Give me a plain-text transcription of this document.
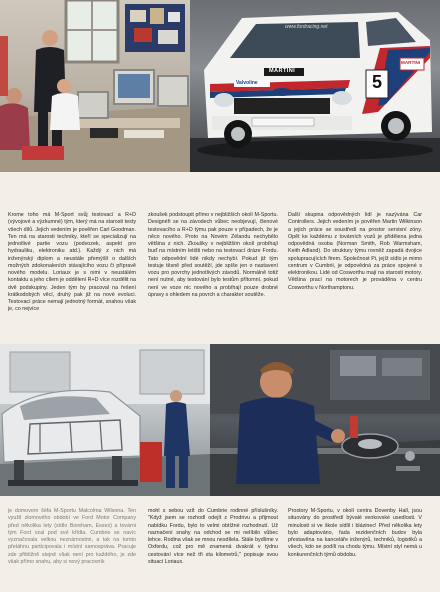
www.fordracing.net
MARTINI
Valvoline	5
MARTINI

Krome toho má M-Sport svůj testovací a R+D (vývojové a výzkumné) tým, který má na starosti testy všech dílů. Jejich vedením je pověřen Carl Goodman. Ten má na starosti techniky, kteří se specializují na jednotlivé partie vozu (podvozek, aspekt pro hydrauliku, elektroniku atd.). Každý z nich má inženýrský diplom a neustále přemýšlí o dalších možných zdokonaleních stávajícího vozu či přípravě nového modelu. Loriaux je s nimi v neustálém kontaktu a jeho cílem je oddělení R+D více rozdělit na dvě podskupiny. Jeden tým by pracoval na řešení krátkodobých věcí, druhý pak již na nové evoluci. Testovací práce nemají jednotný formát, snahou však je, co nejvíce

zkoušek podstoupit přímo v nejbližších okolí M-Sportu. Designéři se na závodech vůbec neobjevují, členové testovacího a R+D týmu pak pouze v případech, že je něco nového. Proto na Novém Zélandu nechybělo většina z nich. Zkoušky v nejbližším okolí probíhají buď na místním letišti nebo na testovací dráze Fordu. Tato odpovědní lidé nikdy nechybí. Pokud již tým testuje těsně před soutěží, jde spíše jen o nastavení vozu pro povrchy jednotlivých závodů. Normálně totiž není nutné, aby testování bylo testům přítomní, pokud není ve voze nic nového a probíhají pouze drobné úpravy s ohledem na povrch a charakter soutěže.

Další skupina odpovědných lidí je nazývána Car Controllers. Jejich vedením je pověřen Martin Wilkinson a jejich práce se soustředí na prostor servisní zóny. Opět ke každému z továrních vozů je přidělena jedna odpovědná osoba (Norman Smith, Rob Warmsham, Keith Adland). Do struktury týmu rovněž zapadá dvojice spolupracujících firem. Společnost Pi, jejíž sídlo je mimo centrum v Cumbrii, je odpovědná za práce spojené s elektronikou. Lidé od Cosworthu mají na starosti motory. Většina prací na motorech je prováděna v centru Cosworthu v Northamptonu.

je domovem šéfa M-Sportu Malcolma Wilsona. Ten využil zlomového období ve Ford Motor Company před několika lety (sídlo Boreham, Essex) a továrni tým Ford vzal pod své křídla. Cumbrie se navíc vyznačovala velkou neznámostmi, a tak na tomto přetáhnu participovala i místní samospráva. Pracuje zde přibližně stejně však není pro každého, je zde však přímo snahu, aby si nový pracovník

mohl s sebou vzít do Cumbrie rodinné příslušníky. "Když jsem se rozhodl odejít z Prodrivu a přijmout nabídku Fordu, bylo to velmi obtížné rozhodnutí. Už naznačení snahy na odchod se mi nelíbilo vůbec lehce. Rodina však se mnou nesdílela. Stále bydlíme v Oxfordu, což pro mě znamená dvakrát v týdnu cestování více než tři sta kilometrů," popisuje svou situaci Loriaux.

Prostory M-Sportu, v okolí centra Dovenby Hall, jsou situovány do prostředí bývalé venkovské usedlosti. V minulosti si ve škole sídlil i blázinec! Před několika lety bylo adaptováno, řada rezidenčních budov byla přestavěna na kanceláře inženýrů, techniků, logistiků a všech, kdo se podílí na chodu týmu. Místní styl nemá u konkurenčních týmů obdobu.
